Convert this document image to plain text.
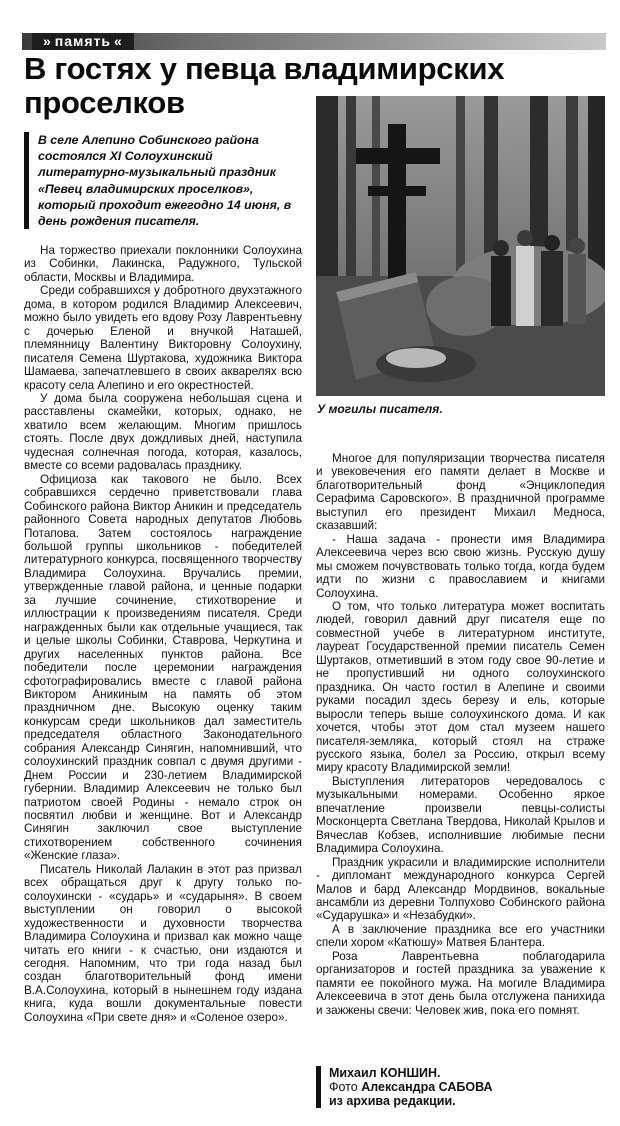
» память «
В гостях у певца владимирских проселков

В селе Алепино Собинского района состоялся XI Солоухинский литературно-музыкальный праздник «Певец владимирских проселков», который проходит ежегодно 14 июня, в день рождения писателя.

У могилы писателя.

На торжество приехали поклонники Солоухина из Собинки, Лакинска, Радужного, Тульской области, Москвы и Владимира.

Среди собравшихся у добротного двухэтажного дома, в котором родился Владимир Алексеевич, можно было увидеть его вдову Розу Лаврентьевну с дочерью Еленой и внучкой Наташей, племянницу Валентину Викторовну Солоухину, писателя Семена Шуртакова, художника Виктора Шамаева, запечатлевшего в своих акварелях всю красоту села Алепино и его окрестностей.

У дома была сооружена небольшая сцена и расставлены скамейки, которых, однако, не хватило всем желающим. Многим пришлось стоять. После двух дождливых дней, наступила чудесная солнечная погода, которая, казалось, вместе со всеми радовалась празднику.

Официоза как такового не было. Всех собравшихся сердечно приветствовали глава Собинского района Виктор Аникин и председатель районного Совета народных депутатов Любовь Потапова. Затем состоялось награждение большой группы школьников - победителей литературного конкурса, посвященного творчеству Владимира Солоухина. Вручались премии, утвержденные главой района, и ценные подарки за лучшие сочинение, стихотворение и иллюстрации к произведениям писателя. Среди награжденных были как отдельные учащиеся, так и целые школы Собинки, Ставрова, Черкутина и других населенных пунктов района. Все победители после церемонии награждения сфотографировались вместе с главой района Виктором Аникиным на память об этом праздничном дне. Высокую оценку таким конкурсам среди школьников дал заместитель председателя областного Законодательного собрания Александр Синягин, напомнивший, что солоухинский праздник совпал с двумя другими - Днем России и 230-летием Владимирской губернии. Владимир Алексеевич не только был патриотом своей Родины - немало строк он посвятил любви и женщине. Вот и Александр Синягин заключил свое выступление стихотворением собственного сочинения «Женские глаза».

Писатель Николай Лалакин в этот раз призвал всех обращаться друг к другу только по-солоухински - «сударь» и «сударыня». В своем выступлении он говорил о высокой художественности и духовности творчества Владимира Солоухина и призвал как можно чаще читать его книги - к счастью, они издаются и сегодня. Напомним, что три года назад был создан благотворительный фонд имени В.А.Солоухина, который в нынешнем году издана книга, куда вошли документальные повести Солоухина «При свете дня» и «Соленое озеро».

Многое для популяризации творчества писателя и увековечения его памяти делает в Москве и благотворительный фонд «Энциклопедия Серафима Саровского». В праздничной программе выступил его президент Михаил Медноса, сказавший:

- Наша задача - пронести имя Владимира Алексеевича через всю свою жизнь. Русскую душу мы сможем почувствовать только тогда, когда будем идти по жизни с православием и книгами Солоухина.

О том, что только литература может воспитать людей, говорил давний друг писателя еще по совместной учебе в литературном институте, лауреат Государственной премии писатель Семен Шуртаков, отметивший в этом году свое 90-летие и не пропустивший ни одного солоухинского праздника. Он часто гостил в Алепине и своими руками посадил здесь березу и ель, которые выросли теперь выше солоухинского дома. И как хочется, чтобы этот дом стал музеем нашего писателя-земляка, который стоял на страже русского языка, болел за Россию, открыл всему миру красоту Владимирской земли!

Выступления литераторов чередовалось с музыкальными номерами. Особенно яркое впечатление произвели певцы-солисты Москонцерта Светлана Твердова, Николай Крылов и Вячеслав Кобзев, исполнившие любимые песни Владимира Солоухина.

Праздник украсили и владимирские исполнители - дипломант международного конкурса Сергей Малов и бард Александр Мордвинов, вокальные ансамбли из деревни Толпухово Собинского района «Сударушка» и «Незабудки».

А в заключение праздника все его участники спели хором «Катюшу» Матвея Блантера.

Роза Лаврентьевна поблагодарила организаторов и гостей праздника за уважение к памяти ее покойного мужа. На могиле Владимира Алексеевича в этот день была отслужена панихида и зажжены свечи: Человек жив, пока его помнят.

Михаил КОНШИН.
Фото Александра САБОВА
из архива редакции.
